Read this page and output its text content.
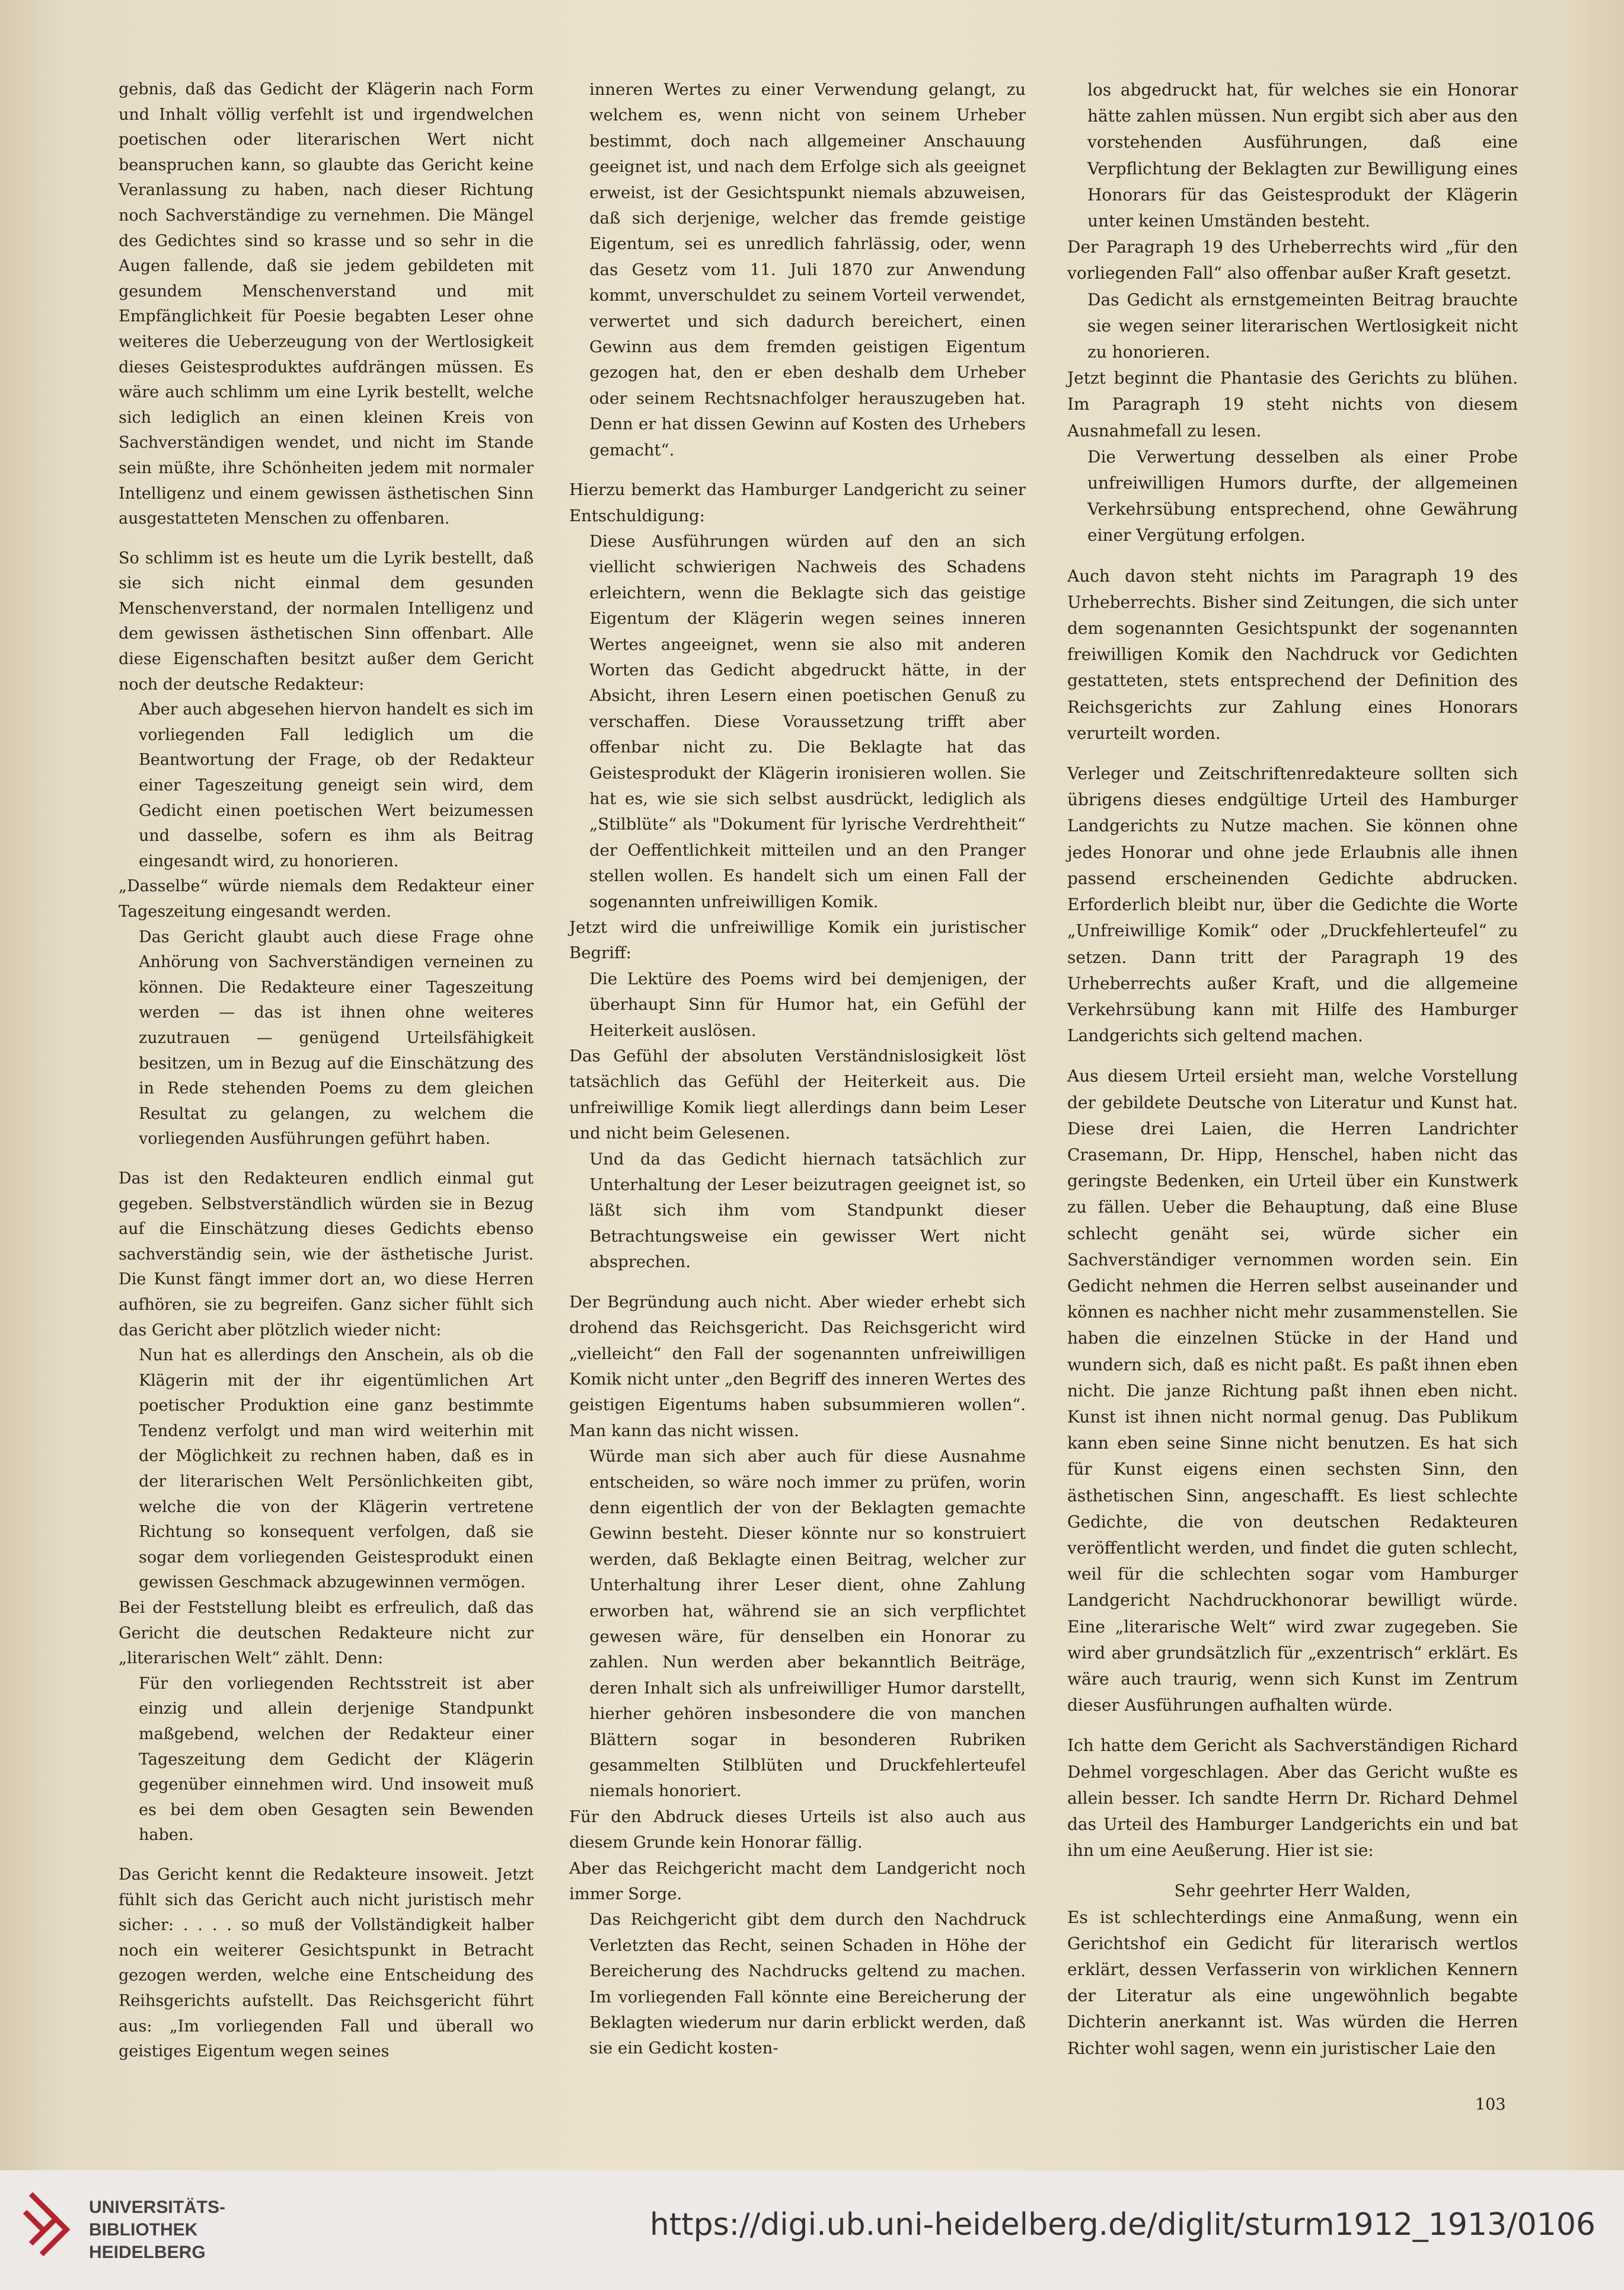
gebnis, daß das Gedicht der Klägerin nach Form und Inhalt völlig verfehlt ist und irgendwelchen poetischen oder literarischen Wert nicht beanspruchen kann, so glaubte das Gericht keine Veranlassung zu haben, nach dieser Richtung noch Sachverständige zu vernehmen. Die Mängel des Gedichtes sind so krasse und so sehr in die Augen fallende, daß sie jedem gebildeten mit gesundem Menschenverstand und mit Empfänglichkeit für Poesie begabten Leser ohne weiteres die Ueberzeugung von der Wertlosigkeit dieses Geistesproduktes aufdrängen müssen. Es wäre auch schlimm um eine Lyrik bestellt, welche sich lediglich an einen kleinen Kreis von Sachverständigen wendet, und nicht im Stande sein müßte, ihre Schönheiten jedem mit normaler Intelligenz und einem gewissen ästhetischen Sinn ausgestatteten Menschen zu offenbaren.

So schlimm ist es heute um die Lyrik bestellt, daß sie sich nicht einmal dem gesunden Menschenverstand, der normalen Intelligenz und dem gewissen ästhetischen Sinn offenbart. Alle diese Eigenschaften besitzt außer dem Gericht noch der deutsche Redakteur:

Aber auch abgesehen hiervon handelt es sich im vorliegenden Fall lediglich um die Beantwortung der Frage, ob der Redakteur einer Tageszeitung geneigt sein wird, dem Gedicht einen poetischen Wert beizumessen und dasselbe, sofern es ihm als Beitrag eingesandt wird, zu honorieren.

„Dasselbe“ würde niemals dem Redakteur einer Tageszeitung eingesandt werden.

Das Gericht glaubt auch diese Frage ohne Anhörung von Sachverständigen verneinen zu können. Die Redakteure einer Tageszeitung werden — das ist ihnen ohne weiteres zuzutrauen — genügend Urteilsfähigkeit besitzen, um in Bezug auf die Einschätzung des in Rede stehenden Poems zu dem gleichen Resultat zu gelangen, zu welchem die vorliegenden Ausführungen geführt haben.

Das ist den Redakteuren endlich einmal gut gegeben. Selbstverständlich würden sie in Bezug auf die Einschätzung dieses Gedichts ebenso sachverständig sein, wie der ästhetische Jurist. Die Kunst fängt immer dort an, wo diese Herren aufhören, sie zu begreifen. Ganz sicher fühlt sich das Gericht aber plötzlich wieder nicht:

Nun hat es allerdings den Anschein, als ob die Klägerin mit der ihr eigentümlichen Art poetischer Produktion eine ganz bestimmte Tendenz verfolgt und man wird weiterhin mit der Möglichkeit zu rechnen haben, daß es in der literarischen Welt Persönlichkeiten gibt, welche die von der Klägerin vertretene Richtung so konsequent verfolgen, daß sie sogar dem vorliegenden Geistesprodukt einen gewissen Geschmack abzugewinnen vermögen.

Bei der Feststellung bleibt es erfreulich, daß das Gericht die deutschen Redakteure nicht zur „literarischen Welt“ zählt. Denn:

Für den vorliegenden Rechtsstreit ist aber einzig und allein derjenige Standpunkt maßgebend, welchen der Redakteur einer Tageszeitung dem Gedicht der Klägerin gegenüber einnehmen wird. Und insoweit muß es bei dem oben Gesagten sein Bewenden haben.

Das Gericht kennt die Redakteure insoweit. Jetzt fühlt sich das Gericht auch nicht juristisch mehr sicher: . . . . so muß der Vollständigkeit halber noch ein weiterer Gesichtspunkt in Betracht gezogen werden, welche eine Entscheidung des Reihsgerichts aufstellt. Das Reichsgericht führt aus: „Im vorliegenden Fall und überall wo geistiges Eigentum wegen seines

inneren Wertes zu einer Verwendung gelangt, zu welchem es, wenn nicht von seinem Urheber bestimmt, doch nach allgemeiner Anschauung geeignet ist, und nach dem Erfolge sich als geeignet erweist, ist der Gesichtspunkt niemals abzuweisen, daß sich derjenige, welcher das fremde geistige Eigentum, sei es unredlich fahrlässig, oder, wenn das Gesetz vom 11. Juli 1870 zur Anwendung kommt, unverschuldet zu seinem Vorteil verwendet, verwertet und sich dadurch bereichert, einen Gewinn aus dem fremden geistigen Eigentum gezogen hat, den er eben deshalb dem Urheber oder seinem Rechtsnachfolger herauszugeben hat. Denn er hat dissen Gewinn auf Kosten des Urhebers gemacht“.

Hierzu bemerkt das Hamburger Landgericht zu seiner Entschuldigung:

Diese Ausführungen würden auf den an sich viellicht schwierigen Nachweis des Schadens erleichtern, wenn die Beklagte sich das geistige Eigentum der Klägerin wegen seines inneren Wertes angeeignet, wenn sie also mit anderen Worten das Gedicht abgedruckt hätte, in der Absicht, ihren Lesern einen poetischen Genuß zu verschaffen. Diese Voraussetzung trifft aber offenbar nicht zu. Die Beklagte hat das Geistesprodukt der Klägerin ironisieren wollen. Sie hat es, wie sie sich selbst ausdrückt, lediglich als „Stilblüte“ als "Dokument für lyrische Verdrehtheit“ der Oeffentlichkeit mitteilen und an den Pranger stellen wollen. Es handelt sich um einen Fall der sogenannten unfreiwilligen Komik.

Jetzt wird die unfreiwillige Komik ein juristischer Begriff:

Die Lektüre des Poems wird bei demjenigen, der überhaupt Sinn für Humor hat, ein Gefühl der Heiterkeit auslösen.

Das Gefühl der absoluten Verständnislosigkeit löst tatsächlich das Gefühl der Heiterkeit aus. Die unfreiwillige Komik liegt allerdings dann beim Leser und nicht beim Gelesenen.

Und da das Gedicht hiernach tatsächlich zur Unterhaltung der Leser beizutragen geeignet ist, so läßt sich ihm vom Standpunkt dieser Betrachtungsweise ein gewisser Wert nicht absprechen.

Der Begründung auch nicht. Aber wieder erhebt sich drohend das Reichsgericht. Das Reichsgericht wird „vielleicht“ den Fall der sogenannten unfreiwilligen Komik nicht unter „den Begriff des inneren Wertes des geistigen Eigentums haben subsummieren wollen“. Man kann das nicht wissen.

Würde man sich aber auch für diese Ausnahme entscheiden, so wäre noch immer zu prüfen, worin denn eigentlich der von der Beklagten gemachte Gewinn besteht. Dieser könnte nur so konstruiert werden, daß Beklagte einen Beitrag, welcher zur Unterhaltung ihrer Leser dient, ohne Zahlung erworben hat, während sie an sich verpflichtet gewesen wäre, für denselben ein Honorar zu zahlen. Nun werden aber bekanntlich Beiträge, deren Inhalt sich als unfreiwilliger Humor darstellt, hierher gehören insbesondere die von manchen Blättern sogar in besonderen Rubriken gesammelten Stilblüten und Druckfehlerteufel niemals honoriert.

Für den Abdruck dieses Urteils ist also auch aus diesem Grunde kein Honorar fällig.

Aber das Reichgericht macht dem Landgericht noch immer Sorge.

Das Reichgericht gibt dem durch den Nachdruck Verletzten das Recht, seinen Schaden in Höhe der Bereicherung des Nachdrucks geltend zu machen. Im vorliegenden Fall könnte eine Bereicherung der Beklagten wiederum nur darin erblickt werden, daß sie ein Gedicht kosten-

los abgedruckt hat, für welches sie ein Honorar hätte zahlen müssen. Nun ergibt sich aber aus den vorstehenden Ausführungen, daß eine Verpflichtung der Beklagten zur Bewilligung eines Honorars für das Geistesprodukt der Klägerin unter keinen Umständen besteht.

Der Paragraph 19 des Urheberrechts wird „für den vorliegenden Fall“ also offenbar außer Kraft gesetzt.

Das Gedicht als ernstgemeinten Beitrag brauchte sie wegen seiner literarischen Wertlosigkeit nicht zu honorieren.

Jetzt beginnt die Phantasie des Gerichts zu blühen. Im Paragraph 19 steht nichts von diesem Ausnahmefall zu lesen.

Die Verwertung desselben als einer Probe unfreiwilligen Humors durfte, der allgemeinen Verkehrsübung entsprechend, ohne Gewährung einer Vergütung erfolgen.

Auch davon steht nichts im Paragraph 19 des Urheberrechts. Bisher sind Zeitungen, die sich unter dem sogenannten Gesichtspunkt der sogenannten freiwilligen Komik den Nachdruck vor Gedichten gestatteten, stets entsprechend der Definition des Reichsgerichts zur Zahlung eines Honorars verurteilt worden.

Verleger und Zeitschriftenredakteure sollten sich übrigens dieses endgültige Urteil des Hamburger Landgerichts zu Nutze machen. Sie können ohne jedes Honorar und ohne jede Erlaubnis alle ihnen passend erscheinenden Gedichte abdrucken. Erforderlich bleibt nur, über die Gedichte die Worte „Unfreiwillige Komik“ oder „Druckfehlerteufel“ zu setzen. Dann tritt der Paragraph 19 des Urheberrechts außer Kraft, und die allgemeine Verkehrsübung kann mit Hilfe des Hamburger Landgerichts sich geltend machen.

Aus diesem Urteil ersieht man, welche Vorstellung der gebildete Deutsche von Literatur und Kunst hat. Diese drei Laien, die Herren Landrichter Crasemann, Dr. Hipp, Henschel, haben nicht das geringste Bedenken, ein Urteil über ein Kunstwerk zu fällen. Ueber die Behauptung, daß eine Bluse schlecht genäht sei, würde sicher ein Sachverständiger vernommen worden sein. Ein Gedicht nehmen die Herren selbst auseinander und können es nachher nicht mehr zusammenstellen. Sie haben die einzelnen Stücke in der Hand und wundern sich, daß es nicht paßt. Es paßt ihnen eben nicht. Die janze Richtung paßt ihnen eben nicht. Kunst ist ihnen nicht normal genug. Das Publikum kann eben seine Sinne nicht benutzen. Es hat sich für Kunst eigens einen sechsten Sinn, den ästhetischen Sinn, angeschafft. Es liest schlechte Gedichte, die von deutschen Redakteuren veröffentlicht werden, und findet die guten schlecht, weil für die schlechten sogar vom Hamburger Landgericht Nachdruckhonorar bewilligt würde. Eine „literarische Welt“ wird zwar zugegeben. Sie wird aber grundsätzlich für „exzentrisch“ erklärt. Es wäre auch traurig, wenn sich Kunst im Zentrum dieser Ausführungen aufhalten würde.

Ich hatte dem Gericht als Sachverständigen Richard Dehmel vorgeschlagen. Aber das Gericht wußte es allein besser. Ich sandte Herrn Dr. Richard Dehmel das Urteil des Hamburger Landgerichts ein und bat ihn um eine Aeußerung. Hier ist sie:

Sehr geehrter Herr Walden,

Es ist schlechterdings eine Anmaßung, wenn ein Gerichtshof ein Gedicht für literarisch wertlos erklärt, dessen Verfasserin von wirklichen Kennern der Literatur als eine ungewöhnlich begabte Dichterin anerkannt ist. Was würden die Herren Richter wohl sagen, wenn ein juristischer Laie den

103
UNIVERSITÄTS-
BIBLIOTHEK
HEIDELBERG
https://digi.ub.uni-heidelberg.de/diglit/sturm1912_1913/0106
